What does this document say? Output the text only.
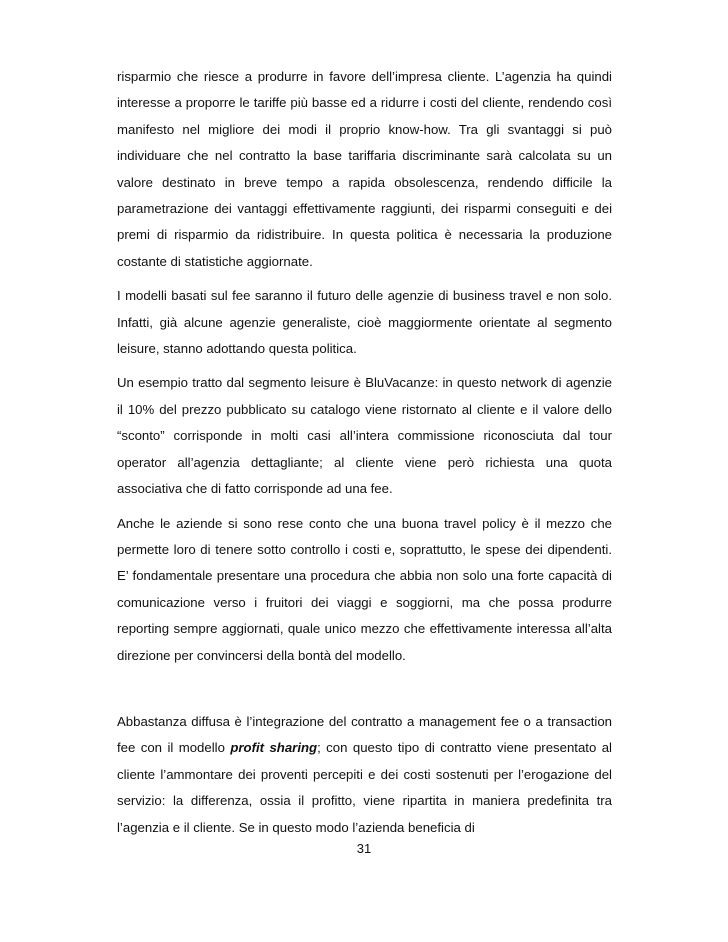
risparmio che riesce a produrre in favore dell’impresa cliente. L’agenzia ha quindi interesse a proporre le tariffe più basse ed a ridurre i costi del cliente, rendendo così manifesto nel migliore dei modi il proprio know-how. Tra gli svantaggi si può individuare che nel contratto la base tariffaria discriminante sarà calcolata su un valore destinato in breve tempo a rapida obsolescenza, rendendo difficile la parametrazione dei vantaggi effettivamente raggiunti, dei risparmi conseguiti e dei premi di risparmio da ridistribuire. In questa politica è necessaria la produzione costante di statistiche aggiornate.

I modelli basati sul fee saranno il futuro delle agenzie di business travel e non solo. Infatti, già alcune agenzie generaliste, cioè maggiormente orientate al segmento leisure, stanno adottando questa politica.

Un esempio tratto dal segmento leisure è BluVacanze: in questo network di agenzie il 10% del prezzo pubblicato su catalogo viene ristornato al cliente e il valore dello “sconto” corrisponde in molti casi all’intera commissione riconosciuta dal tour operator all’agenzia dettagliante; al cliente viene però richiesta una quota associativa che di fatto corrisponde ad una fee.

Anche le aziende si sono rese conto che una buona travel policy è il mezzo che permette loro di tenere sotto controllo i costi e, soprattutto, le spese dei dipendenti. E’ fondamentale presentare una procedura che abbia non solo una forte capacità di comunicazione verso i fruitori dei viaggi e soggiorni, ma che possa produrre reporting sempre aggiornati, quale unico mezzo che effettivamente interessa all’alta direzione per convincersi della bontà del modello.

Abbastanza diffusa è l’integrazione del contratto a management fee o a transaction fee con il modello profit sharing; con questo tipo di contratto viene presentato al cliente l’ammontare dei proventi percepiti e dei costi sostenuti per l’erogazione del servizio: la differenza, ossia il profitto, viene ripartita in maniera predefinita tra l’agenzia e il cliente. Se in questo modo l’azienda beneficia di

31
